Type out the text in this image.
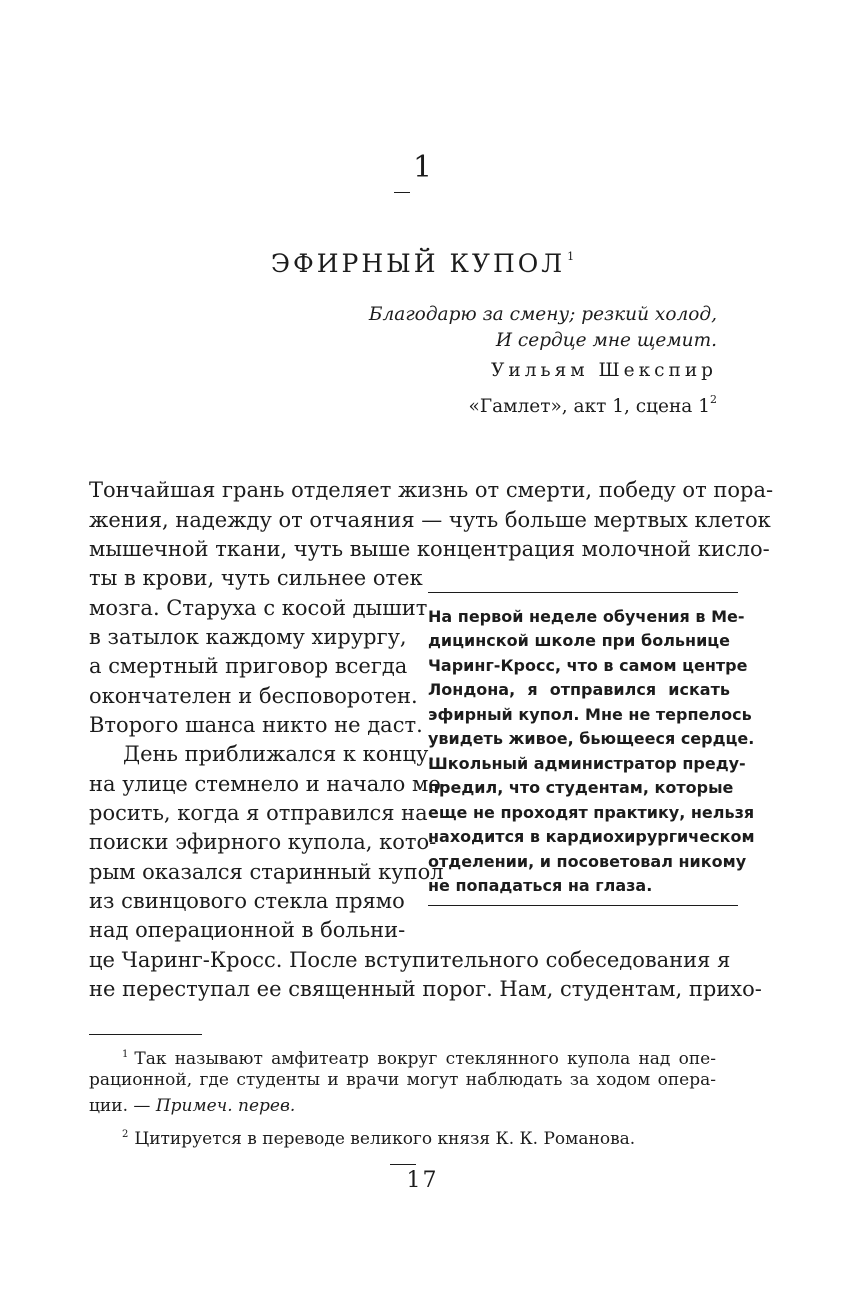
1
ЭФИРНЫЙ КУПОЛ $^1$
Благодарю за смену; резкий холод,
И сердце мне щемит.
Уильям Шекспир
«Гамлет», акт 1, сцена $1^2$
Тончайшая грань отделяет жизнь от смерти, победу от пора-
жения, надежду от отчаяния — чуть больше мертвых клеток
мышечной ткани, чуть выше концентрация молочной кисло-
ты в крови, чуть сильнее отек
мозга. Старуха с косой дышит
в затылок каждому хирургу,
а смертный приговор всегда
окончателен и бесповоротен.
Второго шанса никто не даст.
День приближался к концу,
на улице стемнело и начало мо-
росить, когда я отправился на
поиски эфирного купола, кото-
рым оказался старинный купол
из свинцового стекла прямо
над операционной в больни-
це Чаринг-Кросс. После вступительного собеседования я
не переступал ее священный порог. Нам, студентам, прихо-
На первой неделе обучения в Ме-
дицинской школе при больнице
Чаринг-Кросс, что в самом центре
Лондона, я отправился искать
эфирный купол. Мне не терпелось
увидеть живое, бьющееся сердце.
Школьный администратор преду-
предил, что студентам, которые
еще не проходят практику, нельзя
находится в кардиохирургическом
отделении, и посоветовал никому
не попадаться на глаза.
$^1$ Так называют амфитеатр вокруг стеклянного купола над опе-
рационной, где студенты и врачи могут наблюдать за ходом опера-
ции. — Примеч. перев.
$^2$ Цитируется в переводе великого князя К. К. Романова.
17
